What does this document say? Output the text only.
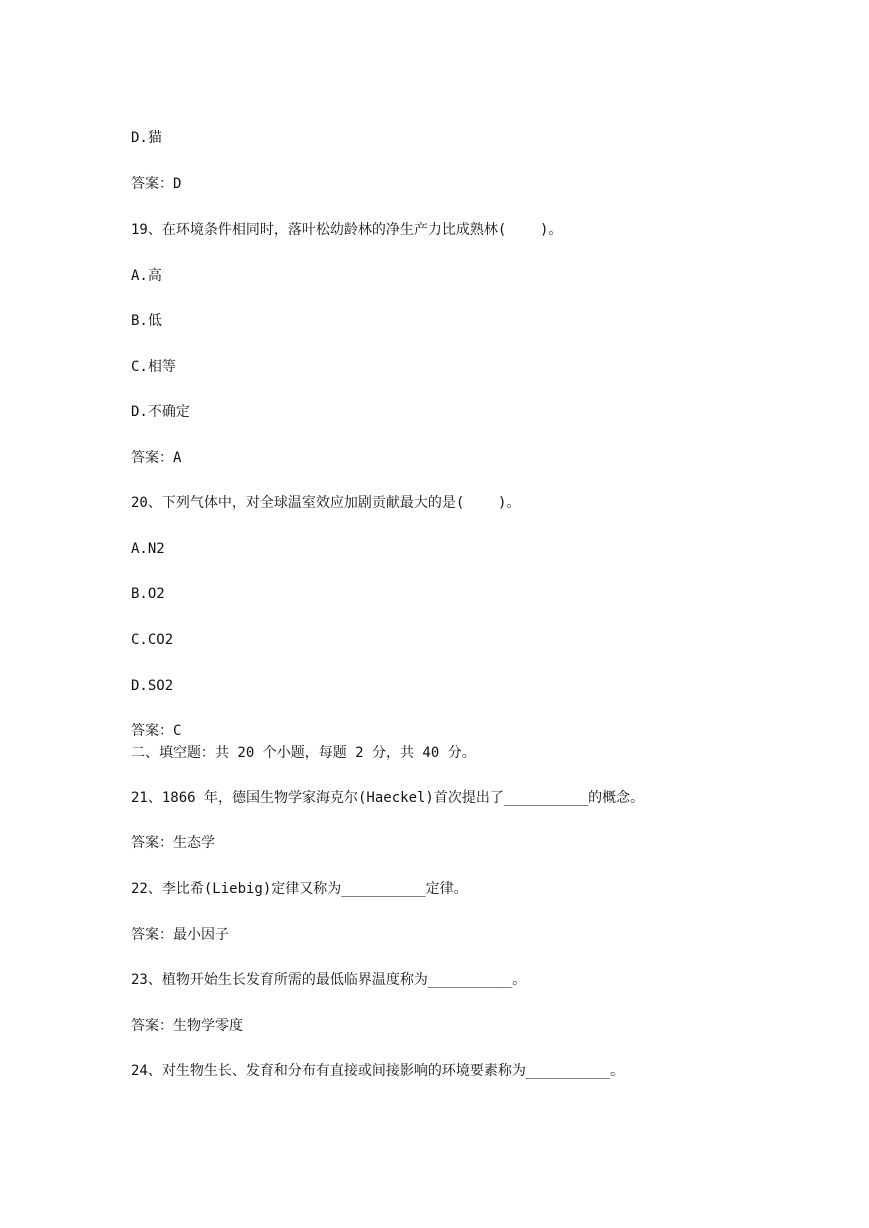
D.猫
答案：D
19、在环境条件相同时，落叶松幼龄林的净生产力比成熟林(    )。
A.高
B.低
C.相等
D.不确定
答案：A
20、下列气体中，对全球温室效应加剧贡献最大的是(    )。
A.N2
B.O2
C.CO2
D.SO2
答案：C
二、填空题：共 20 个小题，每题 2 分，共 40 分。
21、1866 年，德国生物学家海克尔(Haeckel)首次提出了__________的概念。
答案：生态学
22、李比希(Liebig)定律又称为__________定律。
答案：最小因子
23、植物开始生长发育所需的最低临界温度称为__________。
答案：生物学零度
24、对生物生长、发育和分布有直接或间接影响的环境要素称为__________。
